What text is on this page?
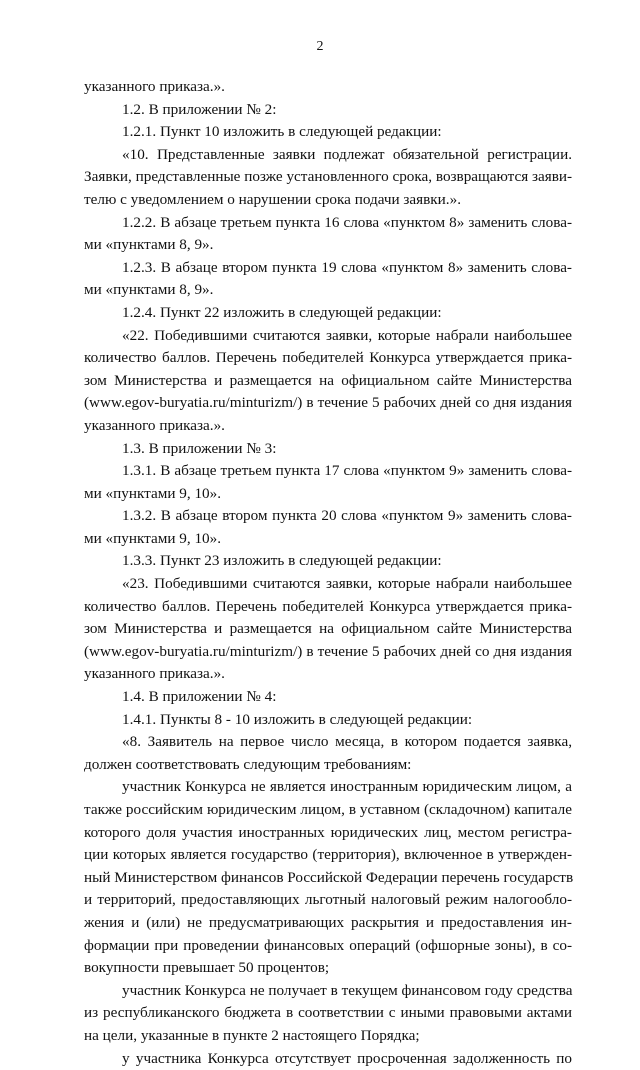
2
указанного приказа.».
1.2. В приложении № 2:
1.2.1. Пункт 10 изложить в следующей редакции:
«10. Представленные заявки подлежат обязательной регистрации.
Заявки, представленные позже установленного срока, возвращаются заяви-
телю с уведомлением о нарушении срока подачи заявки.».
1.2.2. В абзаце третьем пункта 16 слова «пунктом 8» заменить слова-
ми «пунктами 8, 9».
1.2.3. В абзаце втором пункта 19 слова «пунктом 8» заменить слова-
ми «пунктами 8, 9».
1.2.4. Пункт 22 изложить в следующей редакции:
«22. Победившими считаются заявки, которые набрали наибольшее
количество баллов. Перечень победителей Конкурса утверждается прика-
зом Министерства и размещается на официальном сайте Министерства
(www.egov-buryatia.ru/minturizm/) в течение 5 рабочих дней со дня издания
указанного приказа.».
1.3. В приложении № 3:
1.3.1. В абзаце третьем пункта 17 слова «пунктом 9» заменить слова-
ми «пунктами 9, 10».
1.3.2. В абзаце втором пункта 20 слова «пунктом 9» заменить слова-
ми «пунктами 9, 10».
1.3.3. Пункт 23 изложить в следующей редакции:
«23. Победившими считаются заявки, которые набрали наибольшее
количество баллов. Перечень победителей Конкурса утверждается прика-
зом Министерства и размещается на официальном сайте Министерства
(www.egov-buryatia.ru/minturizm/) в течение 5 рабочих дней со дня издания
указанного приказа.».
1.4. В приложении № 4:
1.4.1. Пункты 8 - 10 изложить в следующей редакции:
«8. Заявитель на первое число месяца, в котором подается заявка,
должен соответствовать следующим требованиям:
участник Конкурса не является иностранным юридическим лицом, а
также российским юридическим лицом, в уставном (складочном) капитале
которого доля участия иностранных юридических лиц, местом регистра-
ции которых является государство (территория), включенное в утвержден-
ный Министерством финансов Российской Федерации перечень государств
и территорий, предоставляющих льготный налоговый режим налогообло-
жения и (или) не предусматривающих раскрытия и предоставления ин-
формации при проведении финансовых операций (офшорные зоны), в со-
вокупности превышает 50 процентов;
участник Конкурса не получает в текущем финансовом году средства
из республиканского бюджета в соответствии с иными правовыми актами
на цели, указанные в пункте 2 настоящего Порядка;
у участника Конкурса отсутствует просроченная задолженность по
